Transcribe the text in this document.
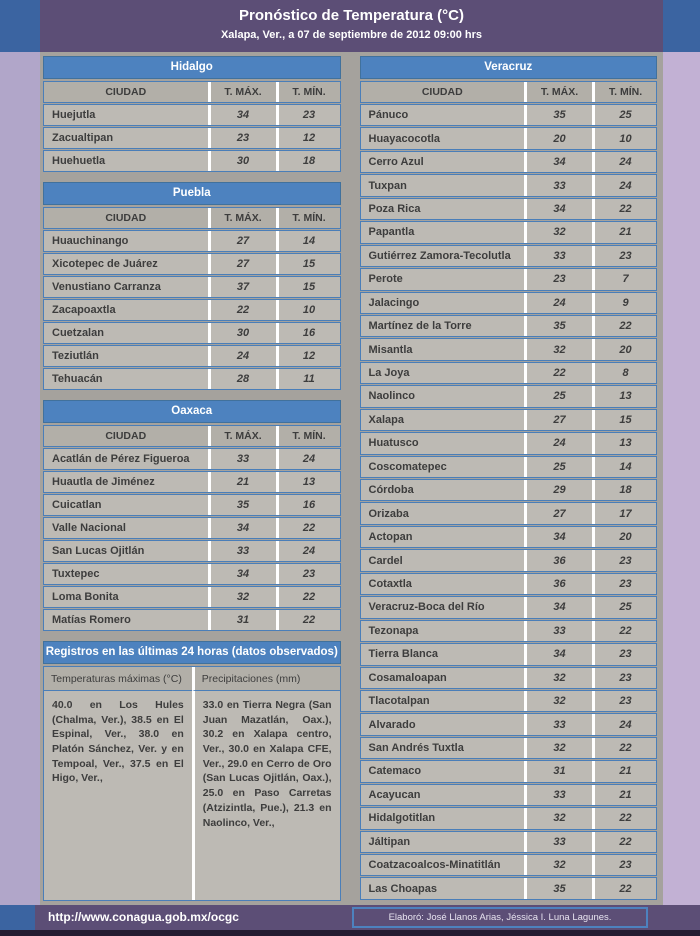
Pronóstico de Temperatura (°C)
Xalapa, Ver., a 07 de septiembre de 2012 09:00 hrs
Hidalgo
CIUDAD	T. MÁX.	T. MÍN.
Huejutla	34	23
Zacualtipan	23	12
Huehuetla	30	18
Puebla
CIUDAD	T. MÁX.	T. MÍN.
Huauchinango	27	14
Xicotepec de Juárez	27	15
Venustiano Carranza	37	15
Zacapoaxtla	22	10
Cuetzalan	30	16
Teziutlán	24	12
Tehuacán	28	11
Oaxaca
CIUDAD	T. MÁX.	T. MÍN.
Acatlán de Pérez Figueroa	33	24
Huautla de Jiménez	21	13
Cuicatlan	35	16
Valle Nacional	34	22
San Lucas Ojitlán	33	24
Tuxtepec	34	23
Loma Bonita	32	22
Matías Romero	31	22
Registros en las últimas 24 horas (datos observados)
Temperaturas máximas (°C)	Precipitaciones (mm)
40.0 en Los Hules (Chalma, Ver.), 38.5 en El Espinal, Ver., 38.0 en Platón Sánchez, Ver. y en Tempoal, Ver., 37.5 en El Higo, Ver.,
33.0 en Tierra Negra (San Juan Mazatlán, Oax.), 30.2 en Xalapa centro, Ver., 30.0 en Xalapa CFE, Ver., 29.0 en Cerro de Oro (San Lucas Ojitlán, Oax.), 25.0 en Paso Carretas (Atzizintla, Pue.), 21.3 en Naolinco, Ver.,
Veracruz
CIUDAD	T. MÁX.	T. MÍN.
Pánuco	35	25
Huayacocotla	20	10
Cerro Azul	34	24
Tuxpan	33	24
Poza Rica	34	22
Papantla	32	21
Gutiérrez Zamora-Tecolutla	33	23
Perote	23	7
Jalacingo	24	9
Martínez de la Torre	35	22
Misantla	32	20
La Joya	22	8
Naolinco	25	13
Xalapa	27	15
Huatusco	24	13
Coscomatepec	25	14
Córdoba	29	18
Orizaba	27	17
Actopan	34	20
Cardel	36	23
Cotaxtla	36	23
Veracruz-Boca del Río	34	25
Tezonapa	33	22
Tierra Blanca	34	23
Cosamaloapan	32	23
Tlacotalpan	32	23
Alvarado	33	24
San Andrés Tuxtla	32	22
Catemaco	31	21
Acayucan	33	21
Hidalgotitlan	32	22
Jáltipan	33	22
Coatzacoalcos-Minatitlán	32	23
Las Choapas	35	22
http://www.conagua.gob.mx/ocgc	Elaboró: José Llanos Arias, Jéssica I. Luna Lagunes.
